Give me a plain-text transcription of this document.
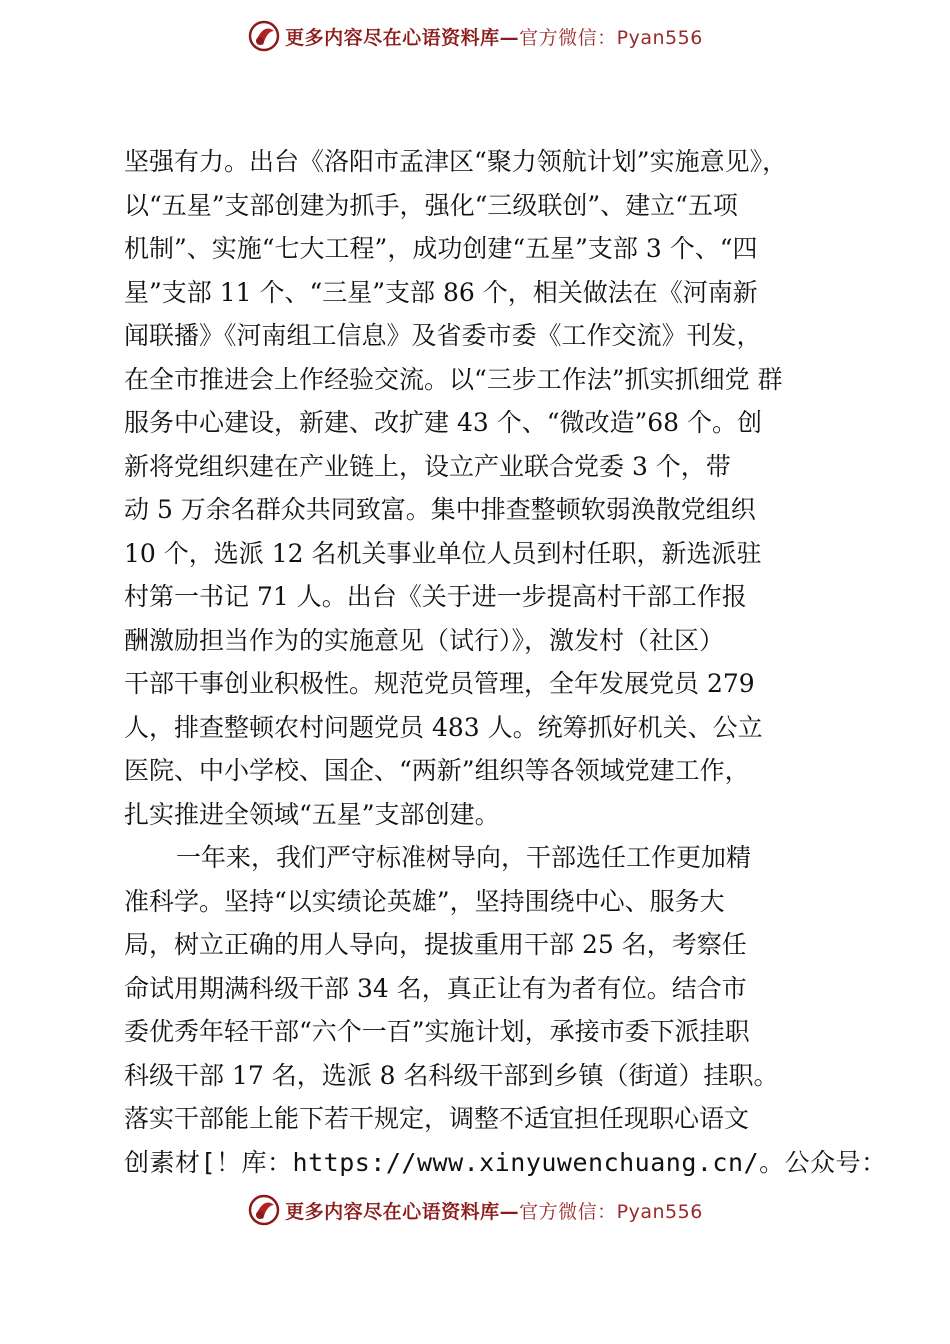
更多内容尽在心语资料库—官方微信：Pyan556
坚强有力。出台《洛阳市孟津区“聚力领航计划”实施意见》，
以“五星”支部创建为抓手，强化“三级联创”、建立“五项
机制”、实施“七大工程”，成功创建“五星”支部 3 个、“四
星”支部 11 个、“三星”支部 86 个，相关做法在《河南新
闻联播》《河南组工信息》及省委市委《工作交流》刊发，
在全市推进会上作经验交流。以“三步工作法”抓实抓细党 群
服务中心建设，新建、改扩建 43 个、“微改造”68 个。创
新将党组织建在产业链上，设立产业联合党委 3 个，带
动 5 万余名群众共同致富。集中排查整顿软弱涣散党组织
10 个，选派 12 名机关事业单位人员到村任职，新选派驻
村第一书记 71 人。出台《关于进一步提高村干部工作报
酬激励担当作为的实施意见（试行）》，激发村（社区）
干部干事创业积极性。规范党员管理，全年发展党员 279
人，排查整顿农村问题党员 483 人。统筹抓好机关、公立
医院、中小学校、国企、“两新”组织等各领域党建工作，
扎实推进全领域“五星”支部创建。
一年来，我们严守标准树导向，干部选任工作更加精
准科学。坚持“以实绩论英雄”，坚持围绕中心、服务大
局，树立正确的用人导向，提拔重用干部 25 名，考察任
命试用期满科级干部 34 名，真正让有为者有位。结合市
委优秀年轻干部“六个一百”实施计划，承接市委下派挂职
科级干部 17 名，选派 8 名科级干部到乡镇（街道）挂职。
落实干部能上能下若干规定，调整不适宜担任现职心语文
创素材[！库：https://www.xinyuwenchuang.cn/。公众号：
更多内容尽在心语资料库—官方微信：Pyan556
